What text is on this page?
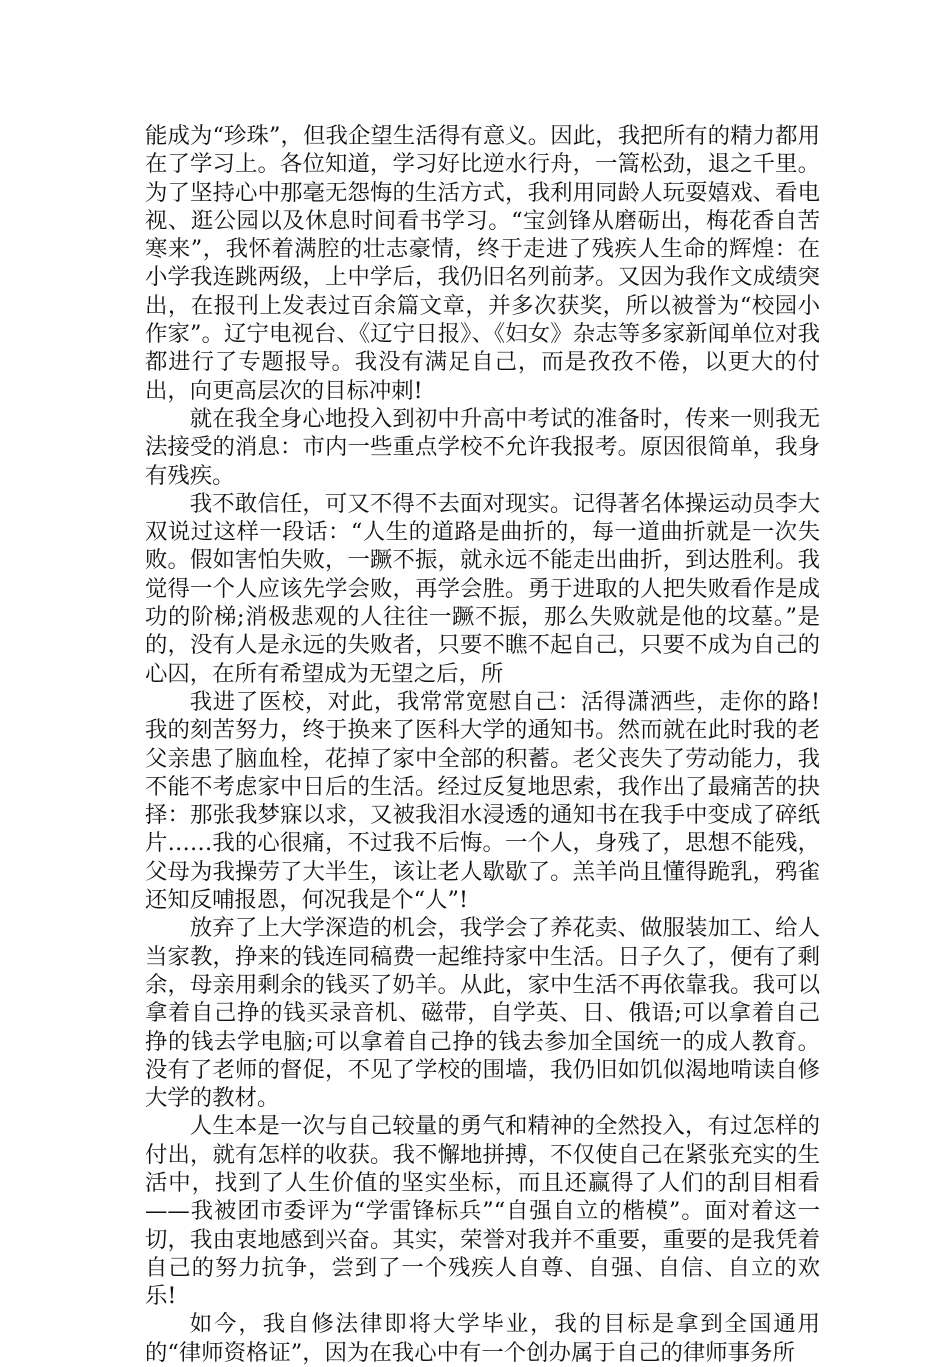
能成为“珍珠”，但我企望生活得有意义。因此，我把所有的精力都用在了学习上。各位知道，学习好比逆水行舟，一篙松劲，退之千里。为了坚持心中那毫无怨悔的生活方式，我利用同龄人玩耍嬉戏、看电视、逛公园以及休息时间看书学习。“宝剑锋从磨砺出，梅花香自苦寒来”，我怀着满腔的壮志豪情，终于走进了残疾人生命的辉煌：在小学我连跳两级，上中学后，我仍旧名列前茅。又因为我作文成绩突出，在报刊上发表过百余篇文章，并多次获奖，所以被誉为“校园小作家”。辽宁电视台、《辽宁日报》、《妇女》杂志等多家新闻单位对我都进行了专题报导。我没有满足自己，而是孜孜不倦，以更大的付出，向更高层次的目标冲刺!

就在我全身心地投入到初中升高中考试的准备时，传来一则我无法接受的消息：市内一些重点学校不允许我报考。原因很简单，我身有残疾。

我不敢信任，可又不得不去面对现实。记得著名体操运动员李大双说过这样一段话：“人生的道路是曲折的，每一道曲折就是一次失败。假如害怕失败，一蹶不振，就永远不能走出曲折，到达胜利。我觉得一个人应该先学会败，再学会胜。勇于进取的人把失败看作是成功的阶梯;消极悲观的人往往一蹶不振，那么失败就是他的坟墓。”是的，没有人是永远的失败者，只要不瞧不起自己，只要不成为自己的心囚，在所有希望成为无望之后，所

我进了医校，对此，我常常宽慰自己：活得潇洒些，走你的路!我的刻苦努力，终于换来了医科大学的通知书。然而就在此时我的老父亲患了脑血栓，花掉了家中全部的积蓄。老父丧失了劳动能力，我不能不考虑家中日后的生活。经过反复地思索，我作出了最痛苦的抉择：那张我梦寐以求，又被我泪水浸透的通知书在我手中变成了碎纸片……我的心很痛，不过我不后悔。一个人，身残了，思想不能残，父母为我操劳了大半生，该让老人歇歇了。羔羊尚且懂得跪乳，鸦雀还知反哺报恩，何况我是个“人”!

放弃了上大学深造的机会，我学会了养花卖、做服装加工、给人当家教，挣来的钱连同稿费一起维持家中生活。日子久了，便有了剩余，母亲用剩余的钱买了奶羊。从此，家中生活不再依靠我。我可以拿着自己挣的钱买录音机、磁带，自学英、日、俄语;可以拿着自己挣的钱去学电脑;可以拿着自己挣的钱去参加全国统一的成人教育。没有了老师的督促，不见了学校的围墙，我仍旧如饥似渴地啃读自修大学的教材。

人生本是一次与自己较量的勇气和精神的全然投入，有过怎样的付出，就有怎样的收获。我不懈地拼搏，不仅使自己在紧张充实的生活中，找到了人生价值的坚实坐标，而且还赢得了人们的刮目相看——我被团市委评为“学雷锋标兵”“自强自立的楷模”。面对着这一切，我由衷地感到兴奋。其实，荣誉对我并不重要，重要的是我凭着自己的努力抗争，尝到了一个残疾人自尊、自强、自信、自立的欢乐!

如今，我自修法律即将大学毕业，我的目标是拿到全国通用的“律师资格证”，因为在我心中有一个创办属于自己的律师事务所
